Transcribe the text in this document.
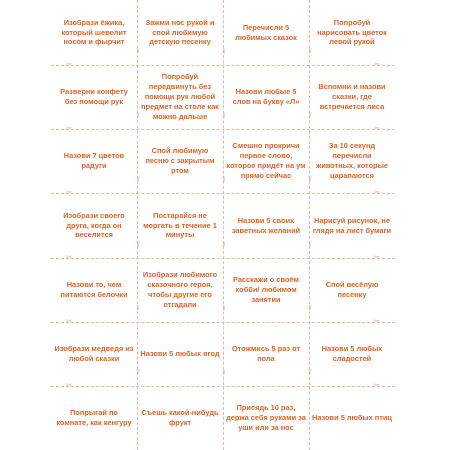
Изобрази ёжика, который шевелит носом и фырчит
Зажми нос рукой и спой любимую детскую песенку
Перечисли 5 любимых сказок
Попробуй нарисовать цветок левой рукой
Разверни конфету без помощи рук
Попробуй передвинуть без помощи рук любой предмет на столе как можно дальше
Назови любые 5 слов на букву «Л»
Вспомни и назови сказки, где встречается лиса
Назови 7 цветов радуги
Спой любимую песню с закрытым ртом
Смешно прокричи первое слово, которое придёт на ум прямо сейчас
За 10 секунд перечисли животных, которые царапаются
Изобрази своего друга, когда он веселится
Постарайся не моргать в течение 1 минуты
Назови 5 своих заветных желаний
Нарисуй рисунок, не глядя на лист бумаги
Назови то, чем питаются белочки
Изобрази любимого сказочного героя, чтобы другие его отгадали
Расскажи о своём хобби/ любимом занятии
Спой весёлую песенку
Изобрази медведя из любой сказки
Назови 5 любых ягод
Отожмись 5 раз от пола
Назови 5 любых сладостей
Попрыгай по комнате, как кенгуру
Съешь какой-нибудь фрукт
Присядь 10 раз, держа себя руками за уши или за нос
Назови 5 любых птиц
✂	✂
✂	✂
✂	✂
✂	✂
✂	✂
✂	✂
✂
✂
✂
✂
✂
✂
✂
✂
✂
✂
✂
✂
✂
✂
✂
✂
✂
✂
